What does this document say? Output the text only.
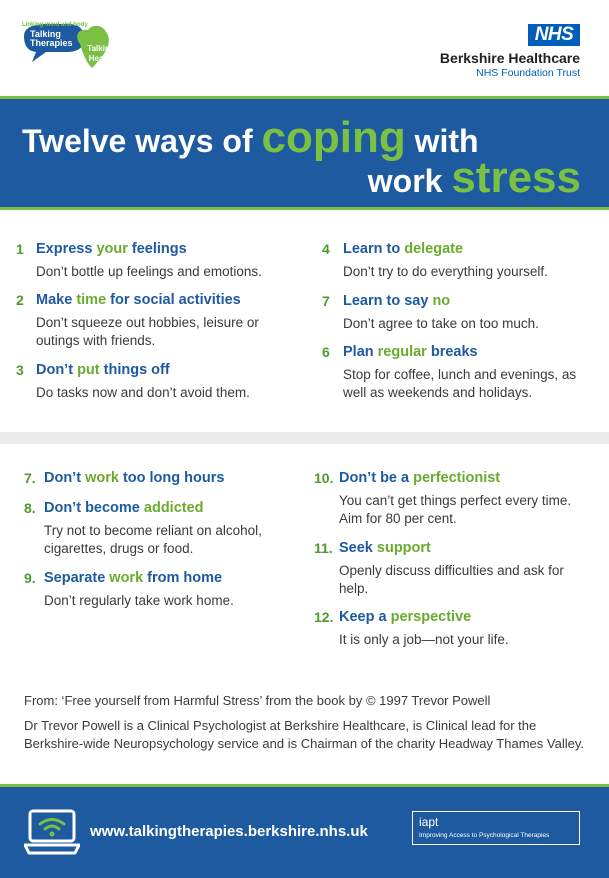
Linking mind and body
Talking Therapies
Talking Health
NHS
Berkshire Healthcare
NHS Foundation Trust
Twelve ways of coping with
work stress
From: ‘Free yourself from Harmful Stress’ from the book by © 1997 Trevor Powell
Dr Trevor Powell is a Clinical Psychologist at Berkshire Healthcare, is Clinical lead for the Berkshire-wide Neuropsychology service and is Chairman of the charity Headway Thames Valley.
www.talkingtherapies.berkshire.nhs.uk
iapt
Improving Access to Psychological Therapies
1 Express your feelings
Don’t bottle up feelings and emotions.
2 Make time for social activities
Don’t squeeze out hobbies, leisure or outings with friends.
3 Don’t put things off
Do tasks now and don’t avoid them.
4 Learn to delegate
Don’t try to do everything yourself.
7 Learn to say no
Don’t agree to take on too much.
6 Plan regular breaks
Stop for coffee, lunch and evenings, as well as weekends and holidays.
7. Don’t work too long hours
8. Don’t become addicted
Try not to become reliant on alcohol, cigarettes, drugs or food.
9. Separate work from home
Don’t regularly take work home.
10. Don’t be a perfectionist
You can’t get things perfect every time. Aim for 80 per cent.
11. Seek support
Openly discuss difficulties and ask for help.
12. Keep a perspective
It is only a job—not your life.
